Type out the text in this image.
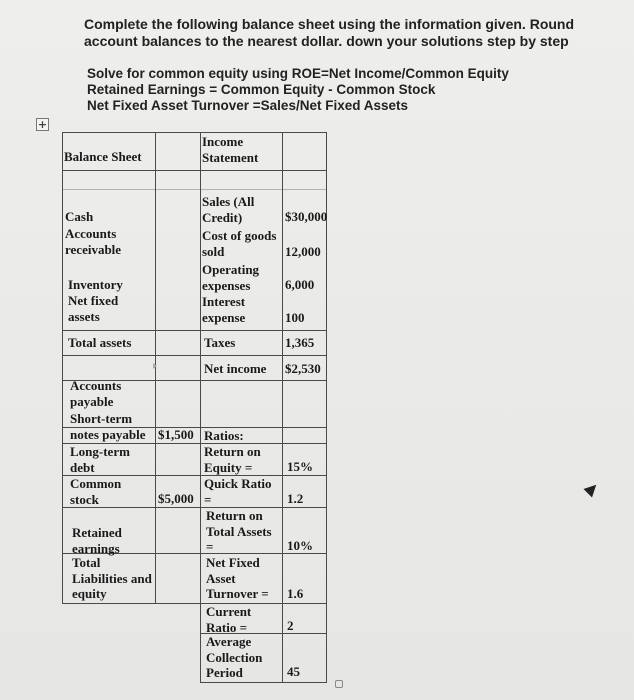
Complete the following balance sheet using the information given. Round account balances to the nearest dollar. down your solutions step by step
Solve for common equity using ROE=Net Income/Common Equity
Retained Earnings = Common Equity - Common Stock
Net Fixed Asset Turnover =Sales/Net Fixed Assets
+
Balance Sheet
Income Statement
Cash
Accounts receivable
Inventory
Net fixed assets
Total assets
Accounts payable
Short-term notes payable $1,500
Long-term debt
Common stock	$5,000
Retained earnings
Total Liabilities and equity
Sales (All Credit)	$30,000
Cost of goods sold	12,000
Operating expenses	6,000
Interest expense	100
Taxes	1,365
Net income $2,530
Ratios:
Return on Equity =	15%
Quick Ratio =	1.2
Return on Total Assets =	10%
Net Fixed Asset Turnover =	1.6
Current Ratio =	2
Average Collection Period	45
